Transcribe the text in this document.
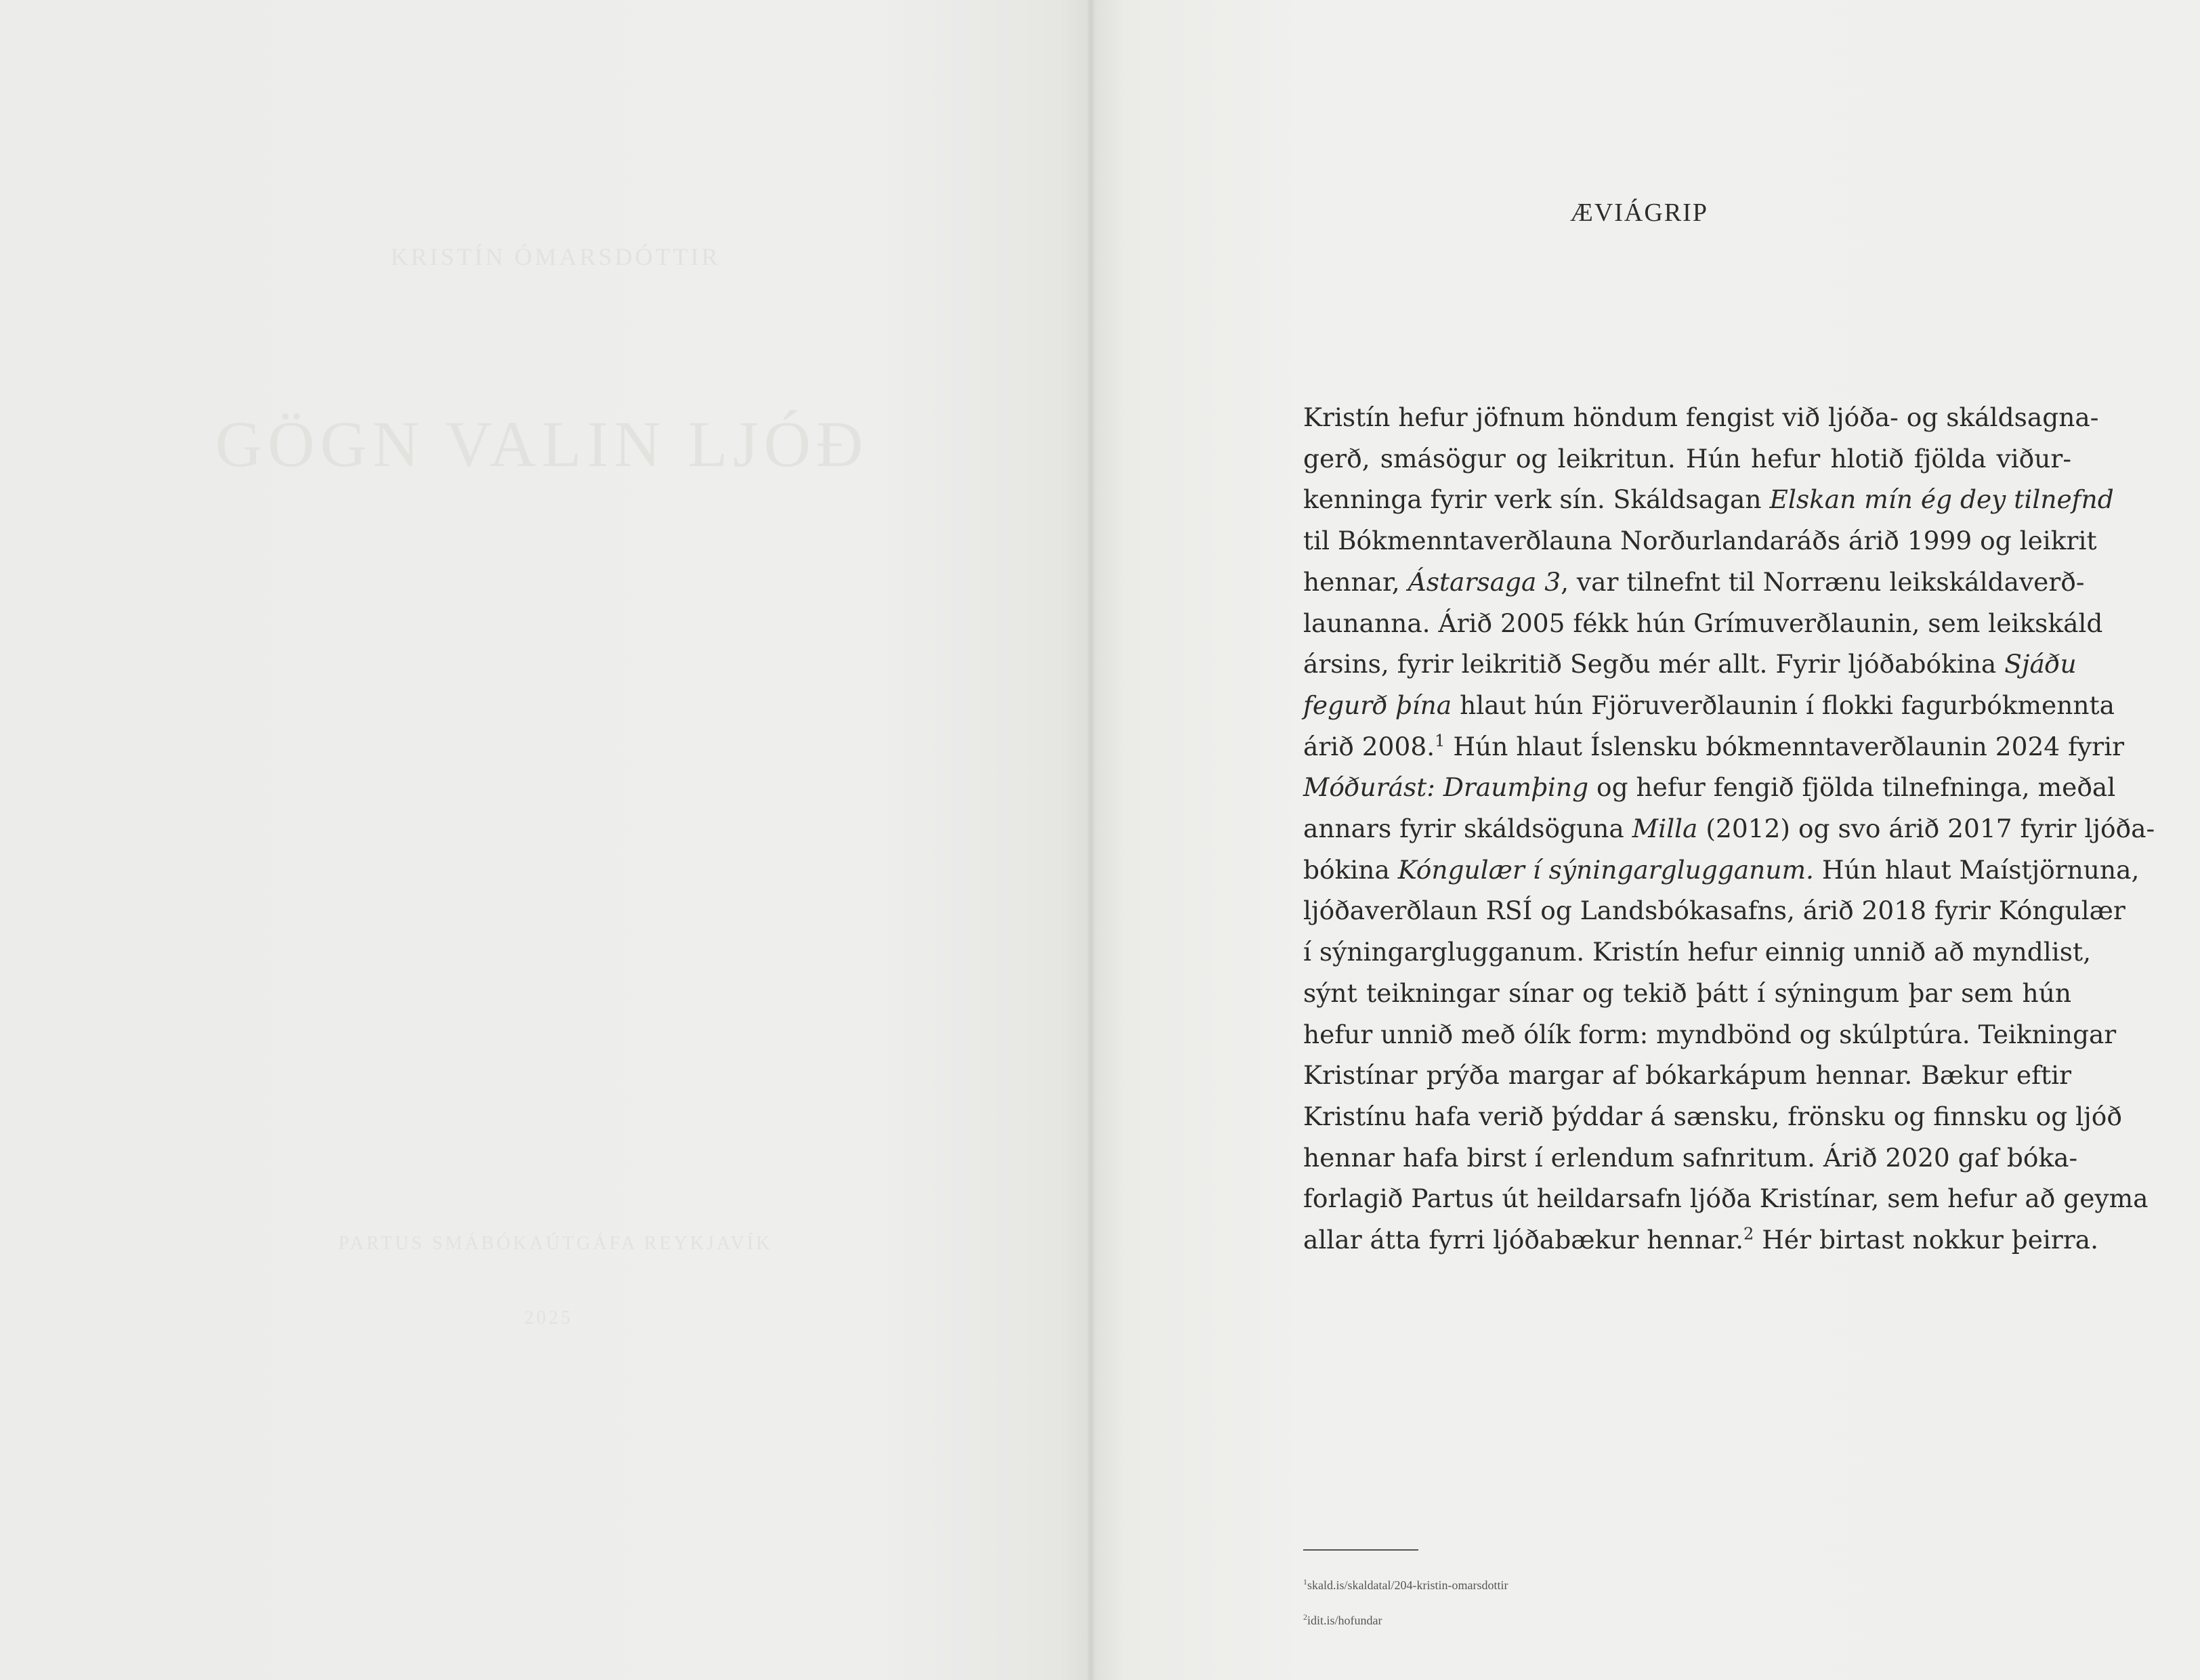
KRISTÍN ÓMARSDÓTTIR
GÖGN VALIN LJÓÐ
PARTUS SMÁBÓKAÚTGÁFA REYKJAVÍK
2025
ÆVIÁGRIP
Kristín hefur jöfnum höndum fengist við ljóða- og skáldsagna-
gerð, smásögur og leikritun. Hún hefur hlotið fjölda viður-
kenninga fyrir verk sín. Skáldsagan Elskan mín ég dey tilnefnd
til Bókmenntaverðlauna Norðurlandaráðs árið 1999 og leikrit
hennar, Ástarsaga 3, var tilnefnt til Norrænu leikskáldaverð-
launanna. Árið 2005 fékk hún Grímuverðlaunin, sem leikskáld
ársins, fyrir leikritið Segðu mér allt. Fyrir ljóðabókina Sjáðu
fegurð þína hlaut hún Fjöruverðlaunin í flokki fagurbókmennta
árið 2008.$^1$ Hún hlaut Íslensku bókmenntaverðlaunin 2024 fyrir
Móðurást: Draumþing og hefur fengið fjölda tilnefninga, meðal
annars fyrir skáldsöguna Milla (2012) og svo árið 2017 fyrir ljóða-
bókina Kóngulær í sýningarglugganum. Hún hlaut Maístjörnuna,
ljóðaverðlaun RSÍ og Landsbókasafns, árið 2018 fyrir Kóngulær
í sýningarglugganum. Kristín hefur einnig unnið að myndlist,
sýnt teikningar sínar og tekið þátt í sýningum þar sem hún
hefur unnið með ólík form: myndbönd og skúlptúra. Teikningar
Kristínar prýða margar af bókarkápum hennar. Bækur eftir
Kristínu hafa verið þýddar á sænsku, frönsku og finnsku og ljóð
hennar hafa birst í erlendum safnritum. Árið 2020 gaf bóka-
forlagið Partus út heildarsafn ljóða Kristínar, sem hefur að geyma
allar átta fyrri ljóðabækur hennar.$^2$ Hér birtast nokkur þeirra.
$^1$skald.is/skaldatal/204-kristin-omarsdottir
$^2$idit.is/hofundar
